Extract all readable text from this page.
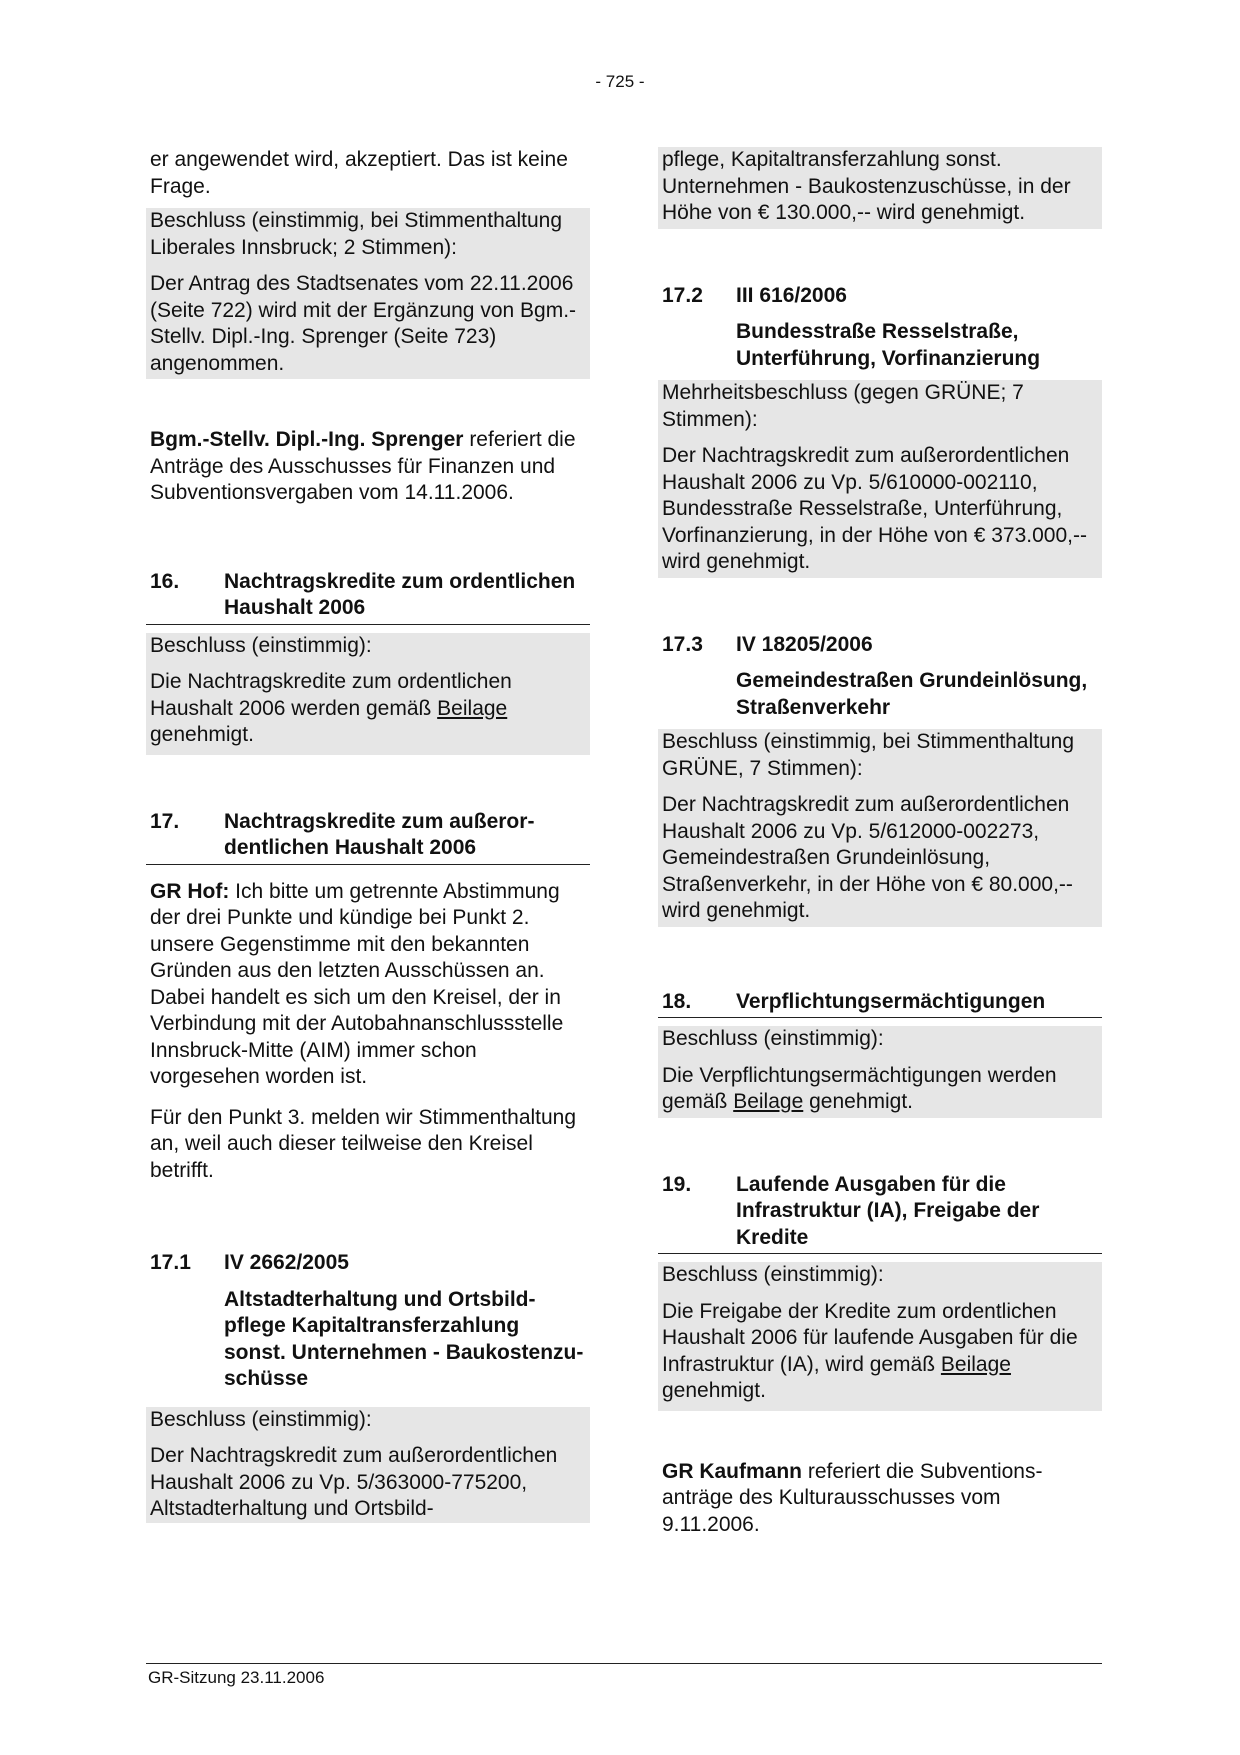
- 725 -

er angewendet wird, akzeptiert. Das ist keine Frage.

Beschluss (einstimmig, bei Stimmenthaltung Liberales Innsbruck; 2 Stimmen):

Der Antrag des Stadtsenates vom 22.11.2006 (Seite 722) wird mit der Ergänzung von Bgm.-Stellv. Dipl.-Ing. Sprenger (Seite 723) angenommen.

Bgm.-Stellv. Dipl.-Ing. Sprenger referiert die Anträge des Ausschusses für Finanzen und Subventionsvergaben vom 14.11.2006.

16.	Nachtragskredite zum ordentlichen Haushalt 2006

Beschluss (einstimmig):

Die Nachtragskredite zum ordentlichen Haushalt 2006 werden gemäß Beilage genehmigt.

17.	Nachtragskredite zum außerordentlichen Haushalt 2006

GR Hof: Ich bitte um getrennte Abstimmung der drei Punkte und kündige bei Punkt 2. unsere Gegenstimme mit den bekannten Gründen aus den letzten Ausschüssen an. Dabei handelt es sich um den Kreisel, der in Verbindung mit der Autobahnanschlussstelle Innsbruck-Mitte (AIM) immer schon vorgesehen worden ist.

Für den Punkt 3. melden wir Stimmenthaltung an, weil auch dieser teilweise den Kreisel betrifft.

17.1	IV 2662/2005
Altstadterhaltung und Ortsbildpflege Kapitaltransferzahlung sonst. Unternehmen - Baukostenzuschüsse

Beschluss (einstimmig):

Der Nachtragskredit zum außerordentlichen Haushalt 2006 zu Vp. 5/363000-775200, Altstadterhaltung und Ortsbild-

pflege, Kapitaltransferzahlung sonst. Unternehmen - Baukostenzuschüsse, in der Höhe von € 130.000,-- wird genehmigt.

17.2	III 616/2006
Bundesstraße Resselstraße, Unterführung, Vorfinanzierung

Mehrheitsbeschluss (gegen GRÜNE; 7 Stimmen):

Der Nachtragskredit zum außerordentlichen Haushalt 2006 zu Vp. 5/610000-002110, Bundesstraße Resselstraße, Unterführung, Vorfinanzierung, in der Höhe von € 373.000,-- wird genehmigt.

17.3	IV 18205/2006
Gemeindestraßen Grundeinlösung, Straßenverkehr

Beschluss (einstimmig, bei Stimmenthaltung GRÜNE, 7 Stimmen):

Der Nachtragskredit zum außerordentlichen Haushalt 2006 zu Vp. 5/612000-002273, Gemeindestraßen Grundeinlösung, Straßenverkehr, in der Höhe von € 80.000,-- wird genehmigt.

18.	Verpflichtungsermächtigungen

Beschluss (einstimmig):

Die Verpflichtungsermächtigungen werden gemäß Beilage genehmigt.

19.	Laufende Ausgaben für die Infrastruktur (IA), Freigabe der Kredite

Beschluss (einstimmig):

Die Freigabe der Kredite zum ordentlichen Haushalt 2006 für laufende Ausgaben für die Infrastruktur (IA), wird gemäß Beilage genehmigt.

GR Kaufmann referiert die Subventionsanträge des Kulturausschusses vom 9.11.2006.

GR-Sitzung 23.11.2006
